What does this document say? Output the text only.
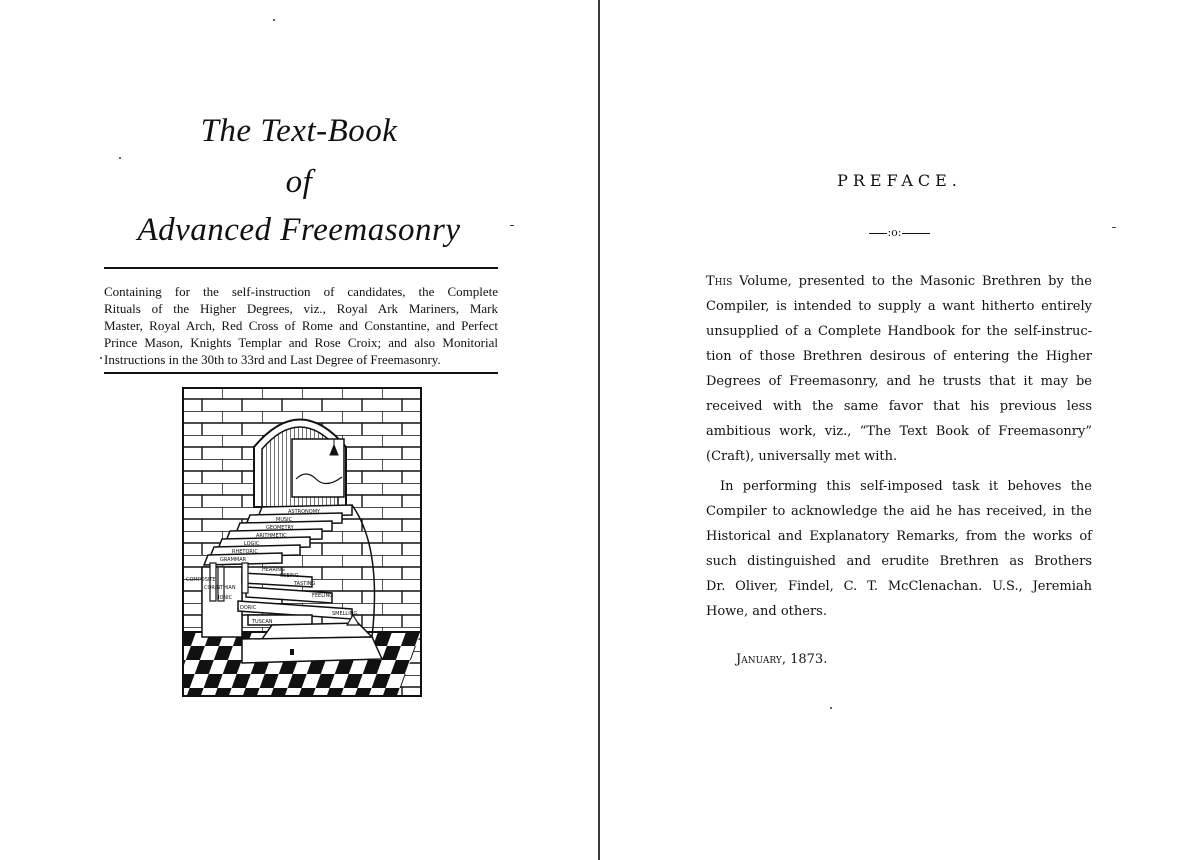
The Text-Book
of
Advanced Freemasonry
Containing for the self-instruction of candidates, the Complete
Rituals of the Higher Degrees, viz., Royal Ark Mariners, Mark
Master, Royal Arch, Red Cross of Rome and Constantine, and Perfect
Prince Mason, Knights Templar and Rose Croix; and also Monitorial
Instructions in the 30th to 33rd and Last Degree of Freemasonry.
ASTRONOMY
MUSIC
GEOMETRY
ARITHMETIC
LOGIC
RHETORIC
GRAMMAR
TUSCAN
DORIC
IONIC
CORINTHIAN
COMPOSITE
SMELLING
FEELING
TASTING
SEEING
HEARING
PREFACE.
:o:
This Volume, presented to the Masonic Brethren by the
Compiler, is intended to supply a want hitherto entirely
unsupplied of a Complete Handbook for the self-instruc-
tion of those Brethren desirous of entering the Higher
Degrees of Freemasonry, and he trusts that it may be
received with the same favor that his previous less
ambitious work, viz., “The Text Book of Freemasonry”
(Craft), universally met with.
In performing this self-imposed task it behoves the
Compiler to acknowledge the aid he has received, in the
Historical and Explanatory Remarks, from the works of
such distinguished and erudite Brethren as Brothers
Dr. Oliver, Findel, C. T. McClenachan. U.S., Jeremiah
Howe, and others.
January, 1873.
